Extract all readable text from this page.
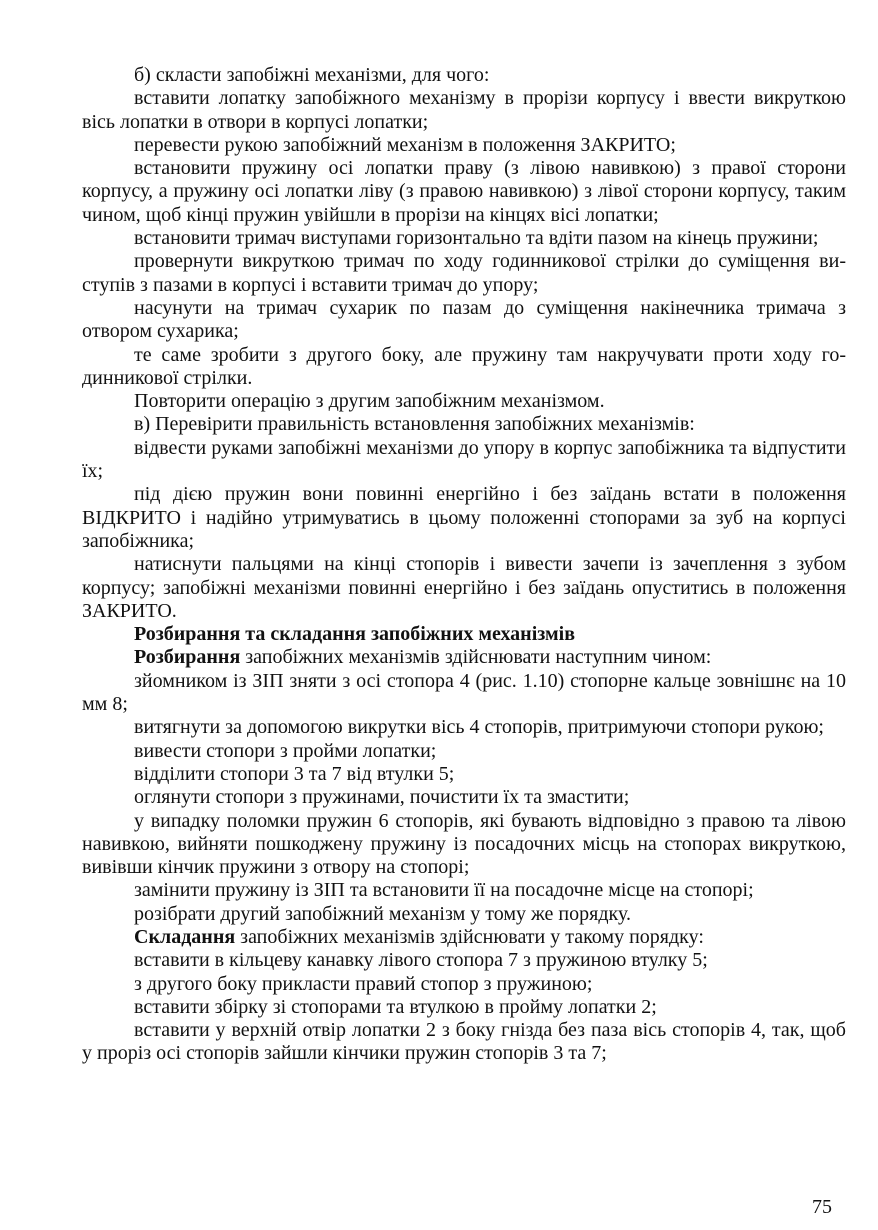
б) скласти запобіжні механізми, для чого:

вставити лопатку запобіжного механізму в прорізи корпусу і ввести викруткою вісь лопатки в отвори в корпусі лопатки;

перевести рукою запобіжний механізм в положення ЗАКРИТО;

встановити пружину осі лопатки праву (з лівою навивкою) з правої сторони корпусу, а пружину осі лопатки ліву (з правою навивкою) з лівої сторони корпусу, таким чином, щоб кінці пружин увійшли в прорізи на кінцях вісі лопатки;

встановити тримач виступами горизонтально та вдіти пазом на кінець пружини;

провернути викруткою тримач по ходу годинникової стрілки до суміщення виступів з пазами в корпусі і вставити тримач до упору;

насунути на тримач сухарик по пазам до суміщення накінечника тримача з отвором сухарика;

те саме зробити з другого боку, але пружину там накручувати проти ходу годинникової стрілки.

Повторити операцію з другим запобіжним механізмом.

в) Перевірити правильність встановлення запобіжних механізмів:

відвести руками запобіжні механізми до упору в корпус запобіжника та відпустити їх;

під дією пружин вони повинні енергійно і без заїдань встати в положення ВІДКРИТО і надійно утримуватись в цьому положенні стопорами за зуб на корпусі запобіжника;

натиснути пальцями на кінці стопорів і вивести зачепи із зачеплення з зубом корпусу; запобіжні механізми повинні енергійно і без заїдань опуститись в положення ЗАКРИТО.

Розбирання та складання запобіжних механізмів

Розбирання запобіжних механізмів здійснювати наступним чином:

зйомником із ЗІП зняти з осі стопора 4 (рис. 1.10) стопорне кальце зовнішнє на 10 мм 8;

витягнути за допомогою викрутки вісь 4 стопорів, притримуючи стопори рукою;

вивести стопори з пройми лопатки;

відділити стопори 3 та 7 від втулки 5;

оглянути стопори з пружинами, почистити їх та змастити;

у випадку поломки пружин 6 стопорів, які бувають відповідно з правою та лівою навивкою, вийняти пошкоджену пружину із посадочних місць на стопорах викруткою, вивівши кінчик пружини з отвору на стопорі;

замінити пружину із ЗІП та встановити її на посадочне місце на стопорі;

розібрати другий запобіжний механізм у тому же порядку.

Складання запобіжних механізмів здійснювати у такому порядку:

вставити в кільцеву канавку лівого стопора 7 з пружиною втулку 5;

з другого боку прикласти правий стопор з пружиною;

вставити збірку зі стопорами та втулкою в пройму лопатки 2;

вставити у верхній отвір лопатки 2 з боку гнізда без паза вісь стопорів 4, так, щоб у проріз осі стопорів зайшли кінчики пружин стопорів 3 та 7;

75
